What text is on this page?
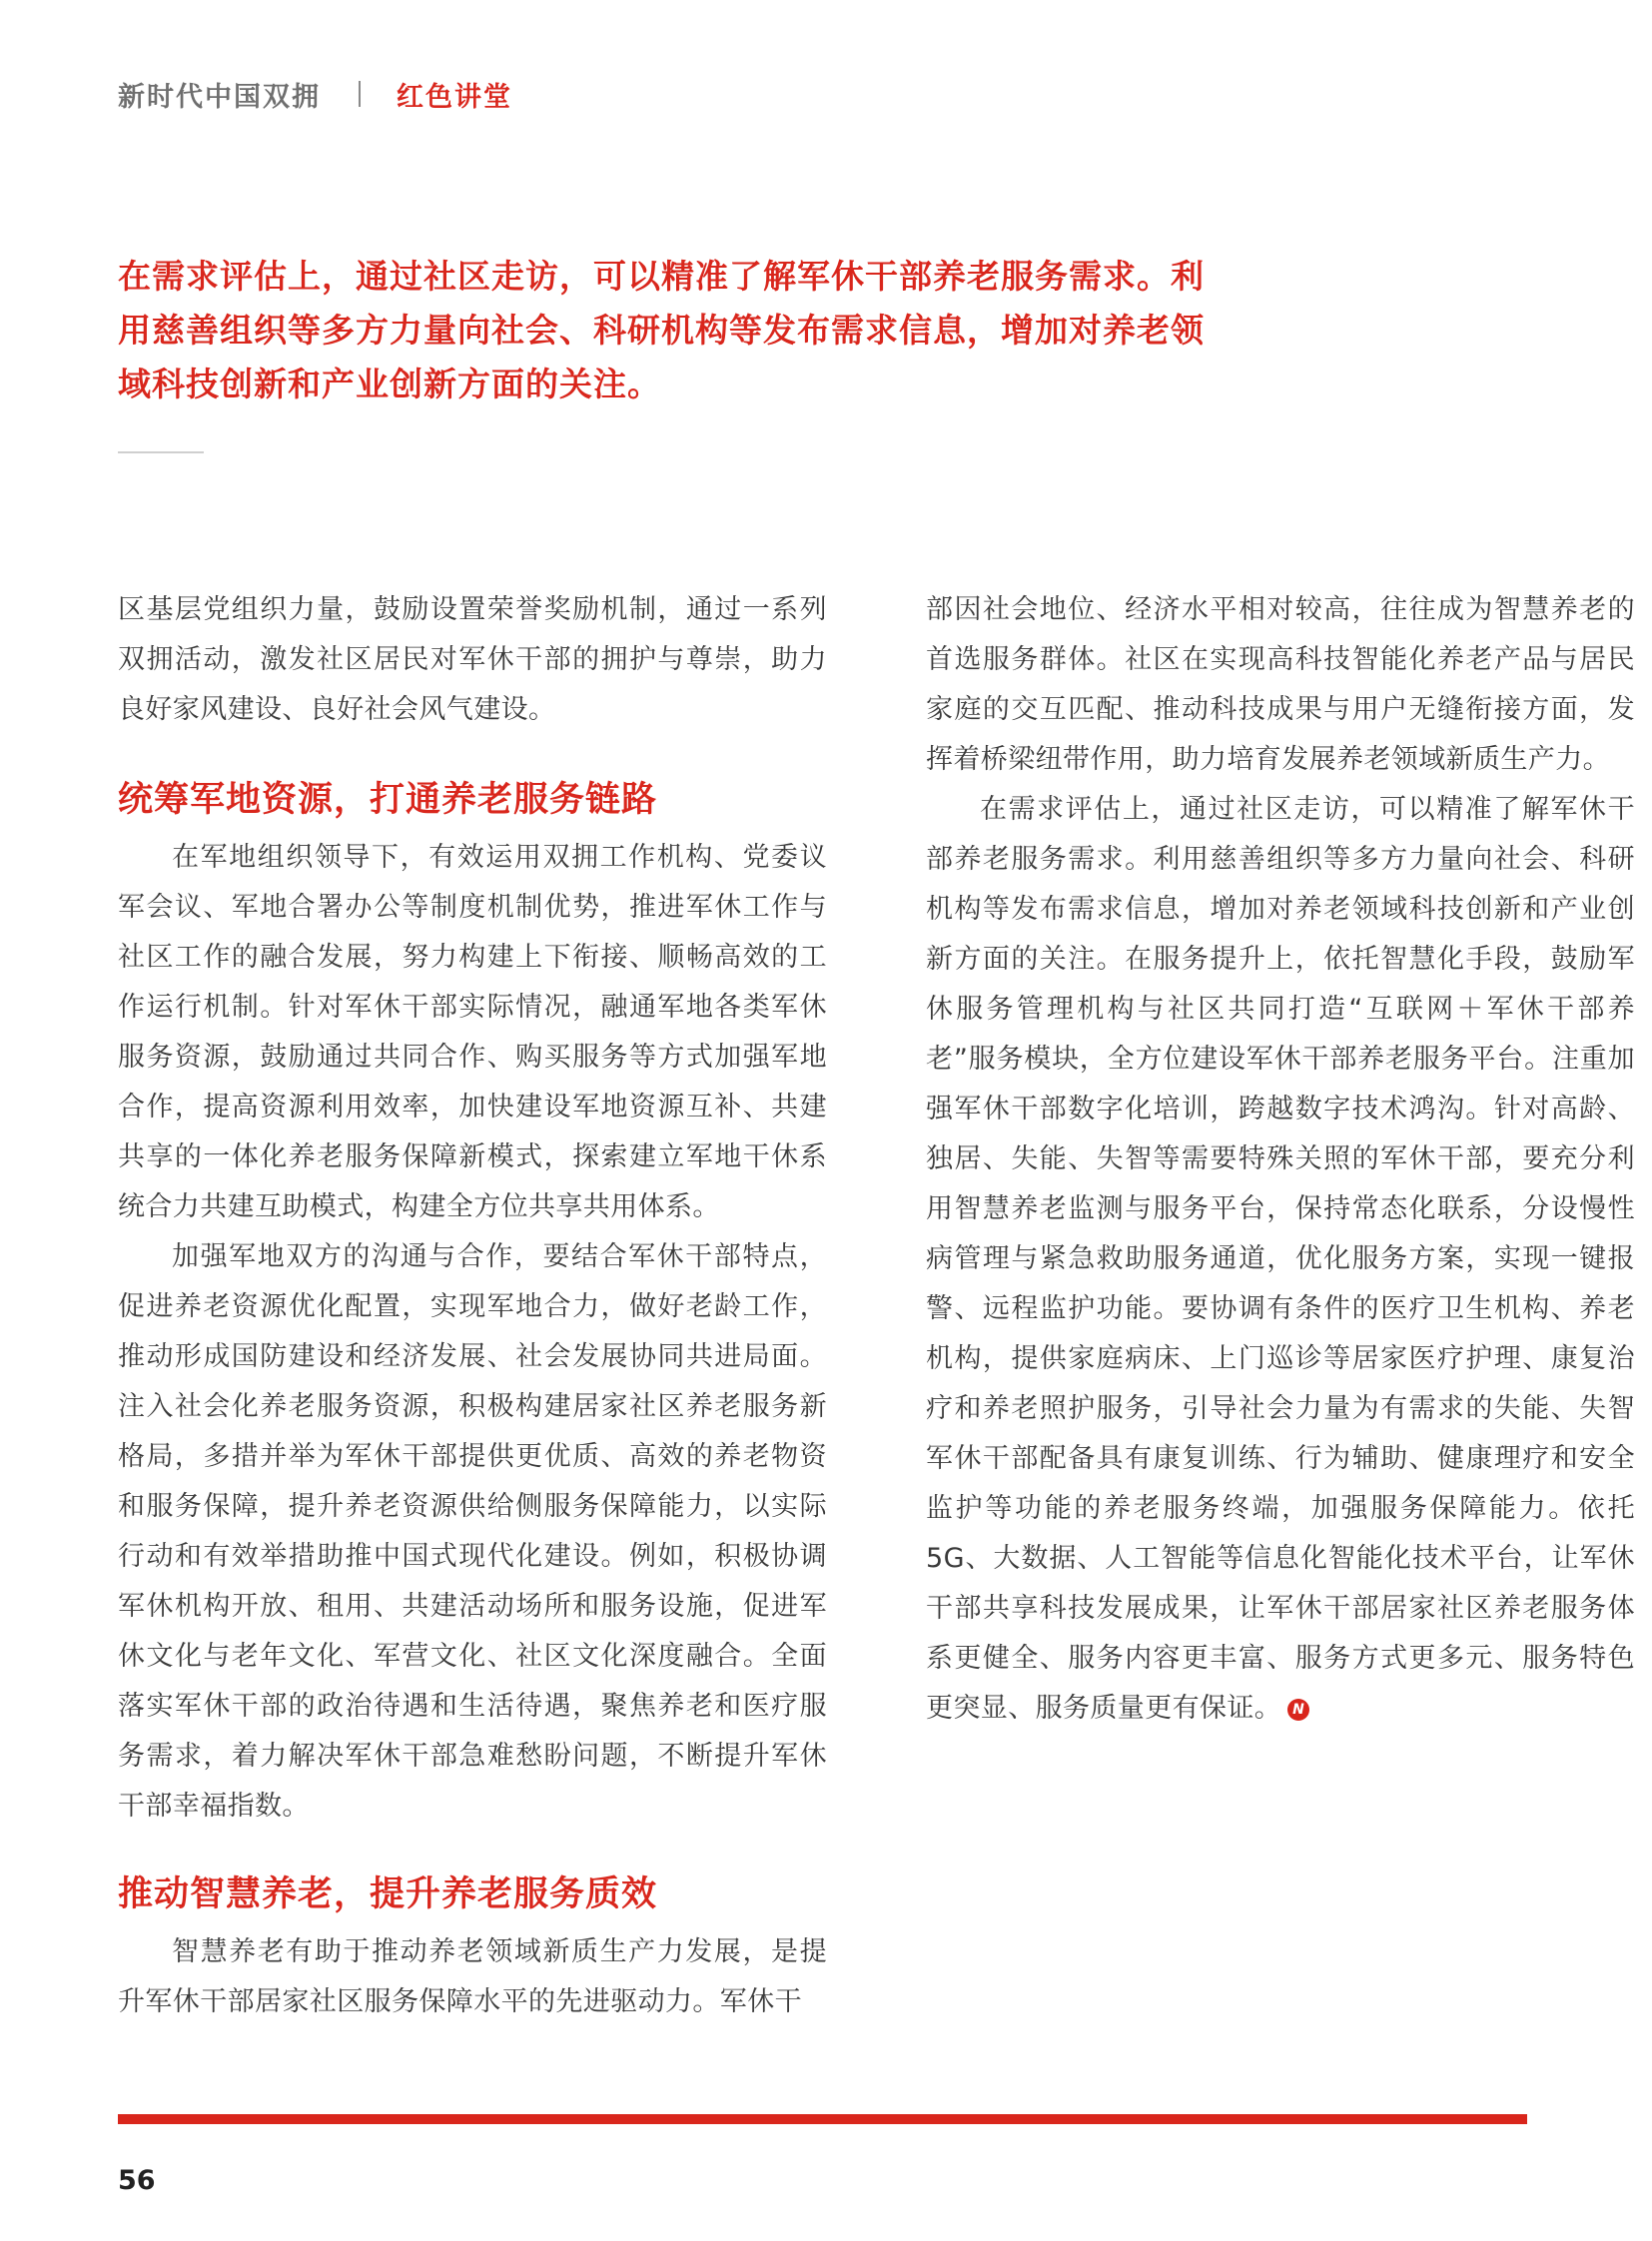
新时代中国双拥	红色讲堂

在需求评估上，通过社区走访，可以精准了解军休干部养老服务需求。利用慈善组织等多方力量向社会、科研机构等发布需求信息，增加对养老领域科技创新和产业创新方面的关注。

区基层党组织力量，鼓励设置荣誉奖励机制，通过一系列双拥活动，激发社区居民对军休干部的拥护与尊崇，助力良好家风建设、良好社会风气建设。

统筹军地资源，打通养老服务链路

在军地组织领导下，有效运用双拥工作机构、党委议军会议、军地合署办公等制度机制优势，推进军休工作与社区工作的融合发展，努力构建上下衔接、顺畅高效的工作运行机制。针对军休干部实际情况，融通军地各类军休服务资源，鼓励通过共同合作、购买服务等方式加强军地合作，提高资源利用效率，加快建设军地资源互补、共建共享的一体化养老服务保障新模式，探索建立军地干休系统合力共建互助模式，构建全方位共享共用体系。

加强军地双方的沟通与合作，要结合军休干部特点，促进养老资源优化配置，实现军地合力，做好老龄工作，推动形成国防建设和经济发展、社会发展协同共进局面。注入社会化养老服务资源，积极构建居家社区养老服务新格局，多措并举为军休干部提供更优质、高效的养老物资和服务保障，提升养老资源供给侧服务保障能力，以实际行动和有效举措助推中国式现代化建设。例如，积极协调军休机构开放、租用、共建活动场所和服务设施，促进军休文化与老年文化、军营文化、社区文化深度融合。全面落实军休干部的政治待遇和生活待遇，聚焦养老和医疗服务需求，着力解决军休干部急难愁盼问题，不断提升军休干部幸福指数。

推动智慧养老，提升养老服务质效

智慧养老有助于推动养老领域新质生产力发展，是提升军休干部居家社区服务保障水平的先进驱动力。军休干

部因社会地位、经济水平相对较高，往往成为智慧养老的首选服务群体。社区在实现高科技智能化养老产品与居民家庭的交互匹配、推动科技成果与用户无缝衔接方面，发挥着桥梁纽带作用，助力培育发展养老领域新质生产力。

在需求评估上，通过社区走访，可以精准了解军休干部养老服务需求。利用慈善组织等多方力量向社会、科研机构等发布需求信息，增加对养老领域科技创新和产业创新方面的关注。在服务提升上，依托智慧化手段，鼓励军休服务管理机构与社区共同打造“互联网＋军休干部养老”服务模块，全方位建设军休干部养老服务平台。注重加强军休干部数字化培训，跨越数字技术鸿沟。针对高龄、独居、失能、失智等需要特殊关照的军休干部，要充分利用智慧养老监测与服务平台，保持常态化联系，分设慢性病管理与紧急救助服务通道，优化服务方案，实现一键报警、远程监护功能。要协调有条件的医疗卫生机构、养老机构，提供家庭病床、上门巡诊等居家医疗护理、康复治疗和养老照护服务，引导社会力量为有需求的失能、失智军休干部配备具有康复训练、行为辅助、健康理疗和安全监护等功能的养老服务终端，加强服务保障能力。依托5G、大数据、人工智能等信息化智能化技术平台，让军休干部共享科技发展成果，让军休干部居家社区养老服务体系更健全、服务内容更丰富、服务方式更多元、服务特色更突显、服务质量更有保证。 N

56
